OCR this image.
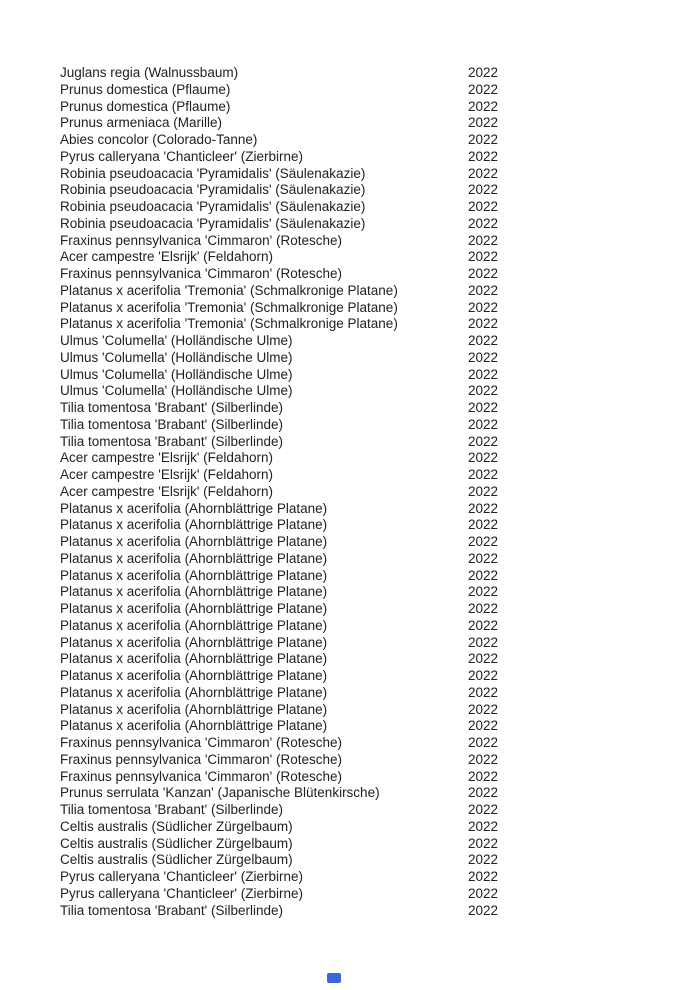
Juglans regia (Walnussbaum)	2022
Prunus domestica (Pflaume)	2022
Prunus domestica (Pflaume)	2022
Prunus armeniaca (Marille)	2022
Abies concolor (Colorado-Tanne)	2022
Pyrus calleryana 'Chanticleer' (Zierbirne)	2022
Robinia pseudoacacia 'Pyramidalis' (Säulenakazie)	2022
Robinia pseudoacacia 'Pyramidalis' (Säulenakazie)	2022
Robinia pseudoacacia 'Pyramidalis' (Säulenakazie)	2022
Robinia pseudoacacia 'Pyramidalis' (Säulenakazie)	2022
Fraxinus pennsylvanica 'Cimmaron' (Rotesche)	2022
Acer campestre 'Elsrijk' (Feldahorn)	2022
Fraxinus pennsylvanica 'Cimmaron' (Rotesche)	2022
Platanus x acerifolia 'Tremonia' (Schmalkronige Platane)	2022
Platanus x acerifolia 'Tremonia' (Schmalkronige Platane)	2022
Platanus x acerifolia 'Tremonia' (Schmalkronige Platane)	2022
Ulmus 'Columella' (Holländische Ulme)	2022
Ulmus 'Columella' (Holländische Ulme)	2022
Ulmus 'Columella' (Holländische Ulme)	2022
Ulmus 'Columella' (Holländische Ulme)	2022
Tilia tomentosa 'Brabant' (Silberlinde)	2022
Tilia tomentosa 'Brabant' (Silberlinde)	2022
Tilia tomentosa 'Brabant' (Silberlinde)	2022
Acer campestre 'Elsrijk' (Feldahorn)	2022
Acer campestre 'Elsrijk' (Feldahorn)	2022
Acer campestre 'Elsrijk' (Feldahorn)	2022
Platanus x acerifolia (Ahornblättrige Platane)	2022
Platanus x acerifolia (Ahornblättrige Platane)	2022
Platanus x acerifolia (Ahornblättrige Platane)	2022
Platanus x acerifolia (Ahornblättrige Platane)	2022
Platanus x acerifolia (Ahornblättrige Platane)	2022
Platanus x acerifolia (Ahornblättrige Platane)	2022
Platanus x acerifolia (Ahornblättrige Platane)	2022
Platanus x acerifolia (Ahornblättrige Platane)	2022
Platanus x acerifolia (Ahornblättrige Platane)	2022
Platanus x acerifolia (Ahornblättrige Platane)	2022
Platanus x acerifolia (Ahornblättrige Platane)	2022
Platanus x acerifolia (Ahornblättrige Platane)	2022
Platanus x acerifolia (Ahornblättrige Platane)	2022
Platanus x acerifolia (Ahornblättrige Platane)	2022
Fraxinus pennsylvanica 'Cimmaron' (Rotesche)	2022
Fraxinus pennsylvanica 'Cimmaron' (Rotesche)	2022
Fraxinus pennsylvanica 'Cimmaron' (Rotesche)	2022
Prunus serrulata 'Kanzan' (Japanische Blütenkirsche)	2022
Tilia tomentosa 'Brabant' (Silberlinde)	2022
Celtis australis (Südlicher Zürgelbaum)	2022
Celtis australis (Südlicher Zürgelbaum)	2022
Celtis australis (Südlicher Zürgelbaum)	2022
Pyrus calleryana 'Chanticleer' (Zierbirne)	2022
Pyrus calleryana 'Chanticleer' (Zierbirne)	2022
Tilia tomentosa 'Brabant' (Silberlinde)	2022
